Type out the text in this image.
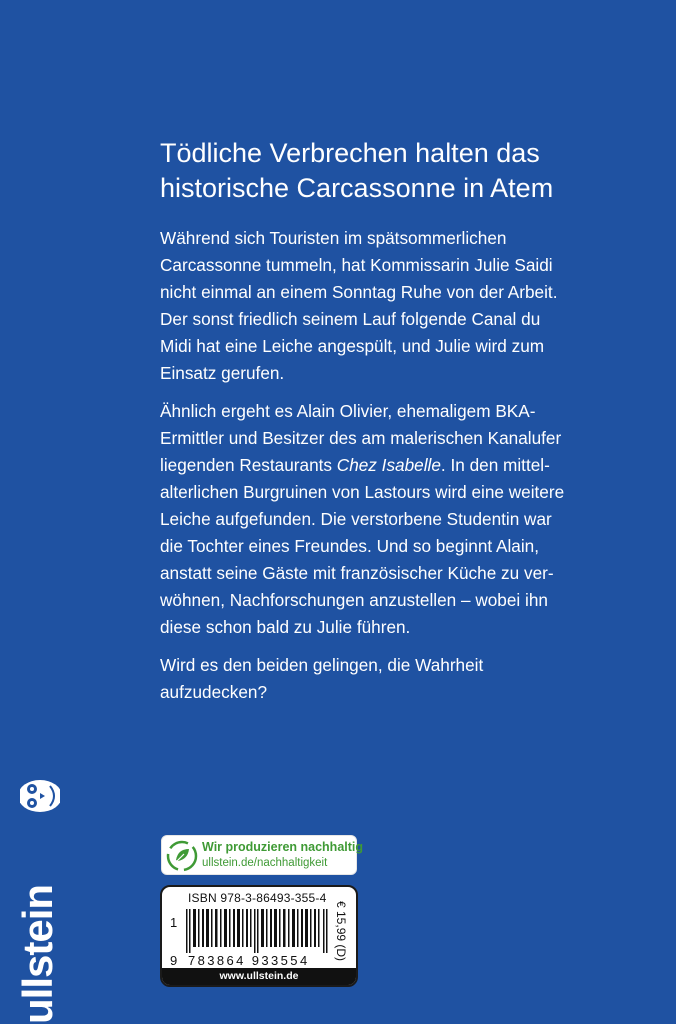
Tödliche Verbrechen halten das
historische Carcassonne in Atem

Während sich Touristen im spätsommerlichen
Carcassonne tummeln, hat Kommissarin Julie Saidi
nicht einmal an einem Sonntag Ruhe von der Arbeit.
Der sonst friedlich seinem Lauf folgende Canal du
Midi hat eine Leiche angespült, und Julie wird zum
Einsatz gerufen.

Ähnlich ergeht es Alain Olivier, ehemaligem BKA-
Ermittler und Besitzer des am malerischen Kanalufer
liegenden Restaurants Chez Isabelle. In den mittel-
alterlichen Burgruinen von Lastours wird eine weitere
Leiche aufgefunden. Die verstorbene Studentin war
die Tochter eines Freundes. Und so beginnt Alain,
anstatt seine Gäste mit französischer Küche zu ver-
wöhnen, Nachforschungen anzustellen – wobei ihn
diese schon bald zu Julie führen.

Wird es den beiden gelingen, die Wahrheit
aufzudecken?

ullstein
Wir produzieren nachhaltig
ullstein.de/nachhaltigkeit
ISBN 978-3-86493-355-4
€ 15,99 (D)
1
9 783864 933554
www.ullstein.de
